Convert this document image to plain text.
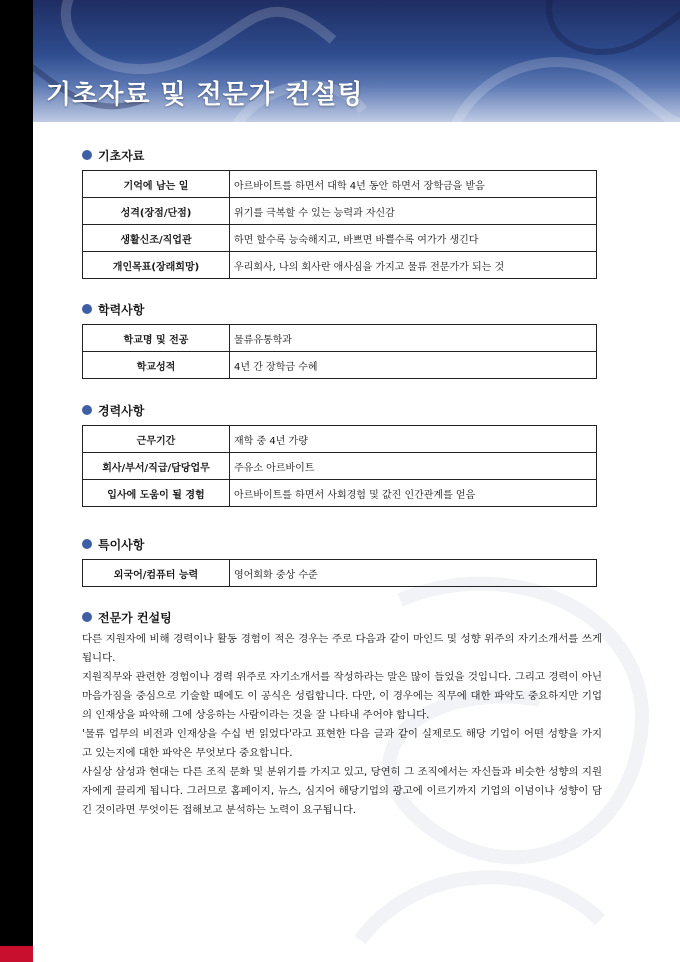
기초자료 및 전문가 컨설팅
기초자료
기억에 남는 일	아르바이트를 하면서 대학 4년 동안 하면서 장학금을 받음
성격(장점/단점)	위기를 극복할 수 있는 능력과 자신감
생활신조/직업관	하면 할수록 능숙해지고, 바쁘면 바쁠수록 여가가 생긴다
개인목표(장래희망)	우리회사, 나의 회사란 애사심을 가지고 물류 전문가가 되는 것
학력사항
학교명 및 전공	물류유통학과
학교성적	4년 간 장학금 수혜
경력사항
근무기간	재학 중 4년 가량
회사/부서/직급/담당업무	주유소 아르바이트
입사에 도움이 될 경험	아르바이트를 하면서 사회경험 및 값진 인간관계를 얻음
특이사항
외국어/컴퓨터 능력	영어회화 중상 수준
전문가 컨설팅

다른 지원자에 비해 경력이나 활동 경험이 적은 경우는 주로 다음과 같이 마인드 및 성향 위주의 자기소개서를 쓰게 됩니다.

지원직무와 관련한 경험이나 경력 위주로 자기소개서를 작성하라는 말은 많이 들었을 것입니다. 그리고 경력이 아닌 마음가짐을 중심으로 기술할 때에도 이 공식은 성립합니다. 다만, 이 경우에는 직무에 대한 파악도 중요하지만 기업의 인재상을 파악해 그에 상응하는 사람이라는 것을 잘 나타내 주어야 합니다.

'물류 업무의 비전과 인재상을 수십 번 읽었다'라고 표현한 다음 글과 같이 실제로도 해당 기업이 어떤 성향을 가지고 있는지에 대한 파악은 무엇보다 중요합니다.

사실상 삼성과 현대는 다른 조직 문화 및 분위기를 가지고 있고, 당연히 그 조직에서는 자신들과 비슷한 성향의 지원자에게 끌리게 됩니다. 그러므로 홈페이지, 뉴스, 심지어 해당기업의 광고에 이르기까지 기업의 이념이나 성향이 담긴 것이라면 무엇이든 접해보고 분석하는 노력이 요구됩니다.
